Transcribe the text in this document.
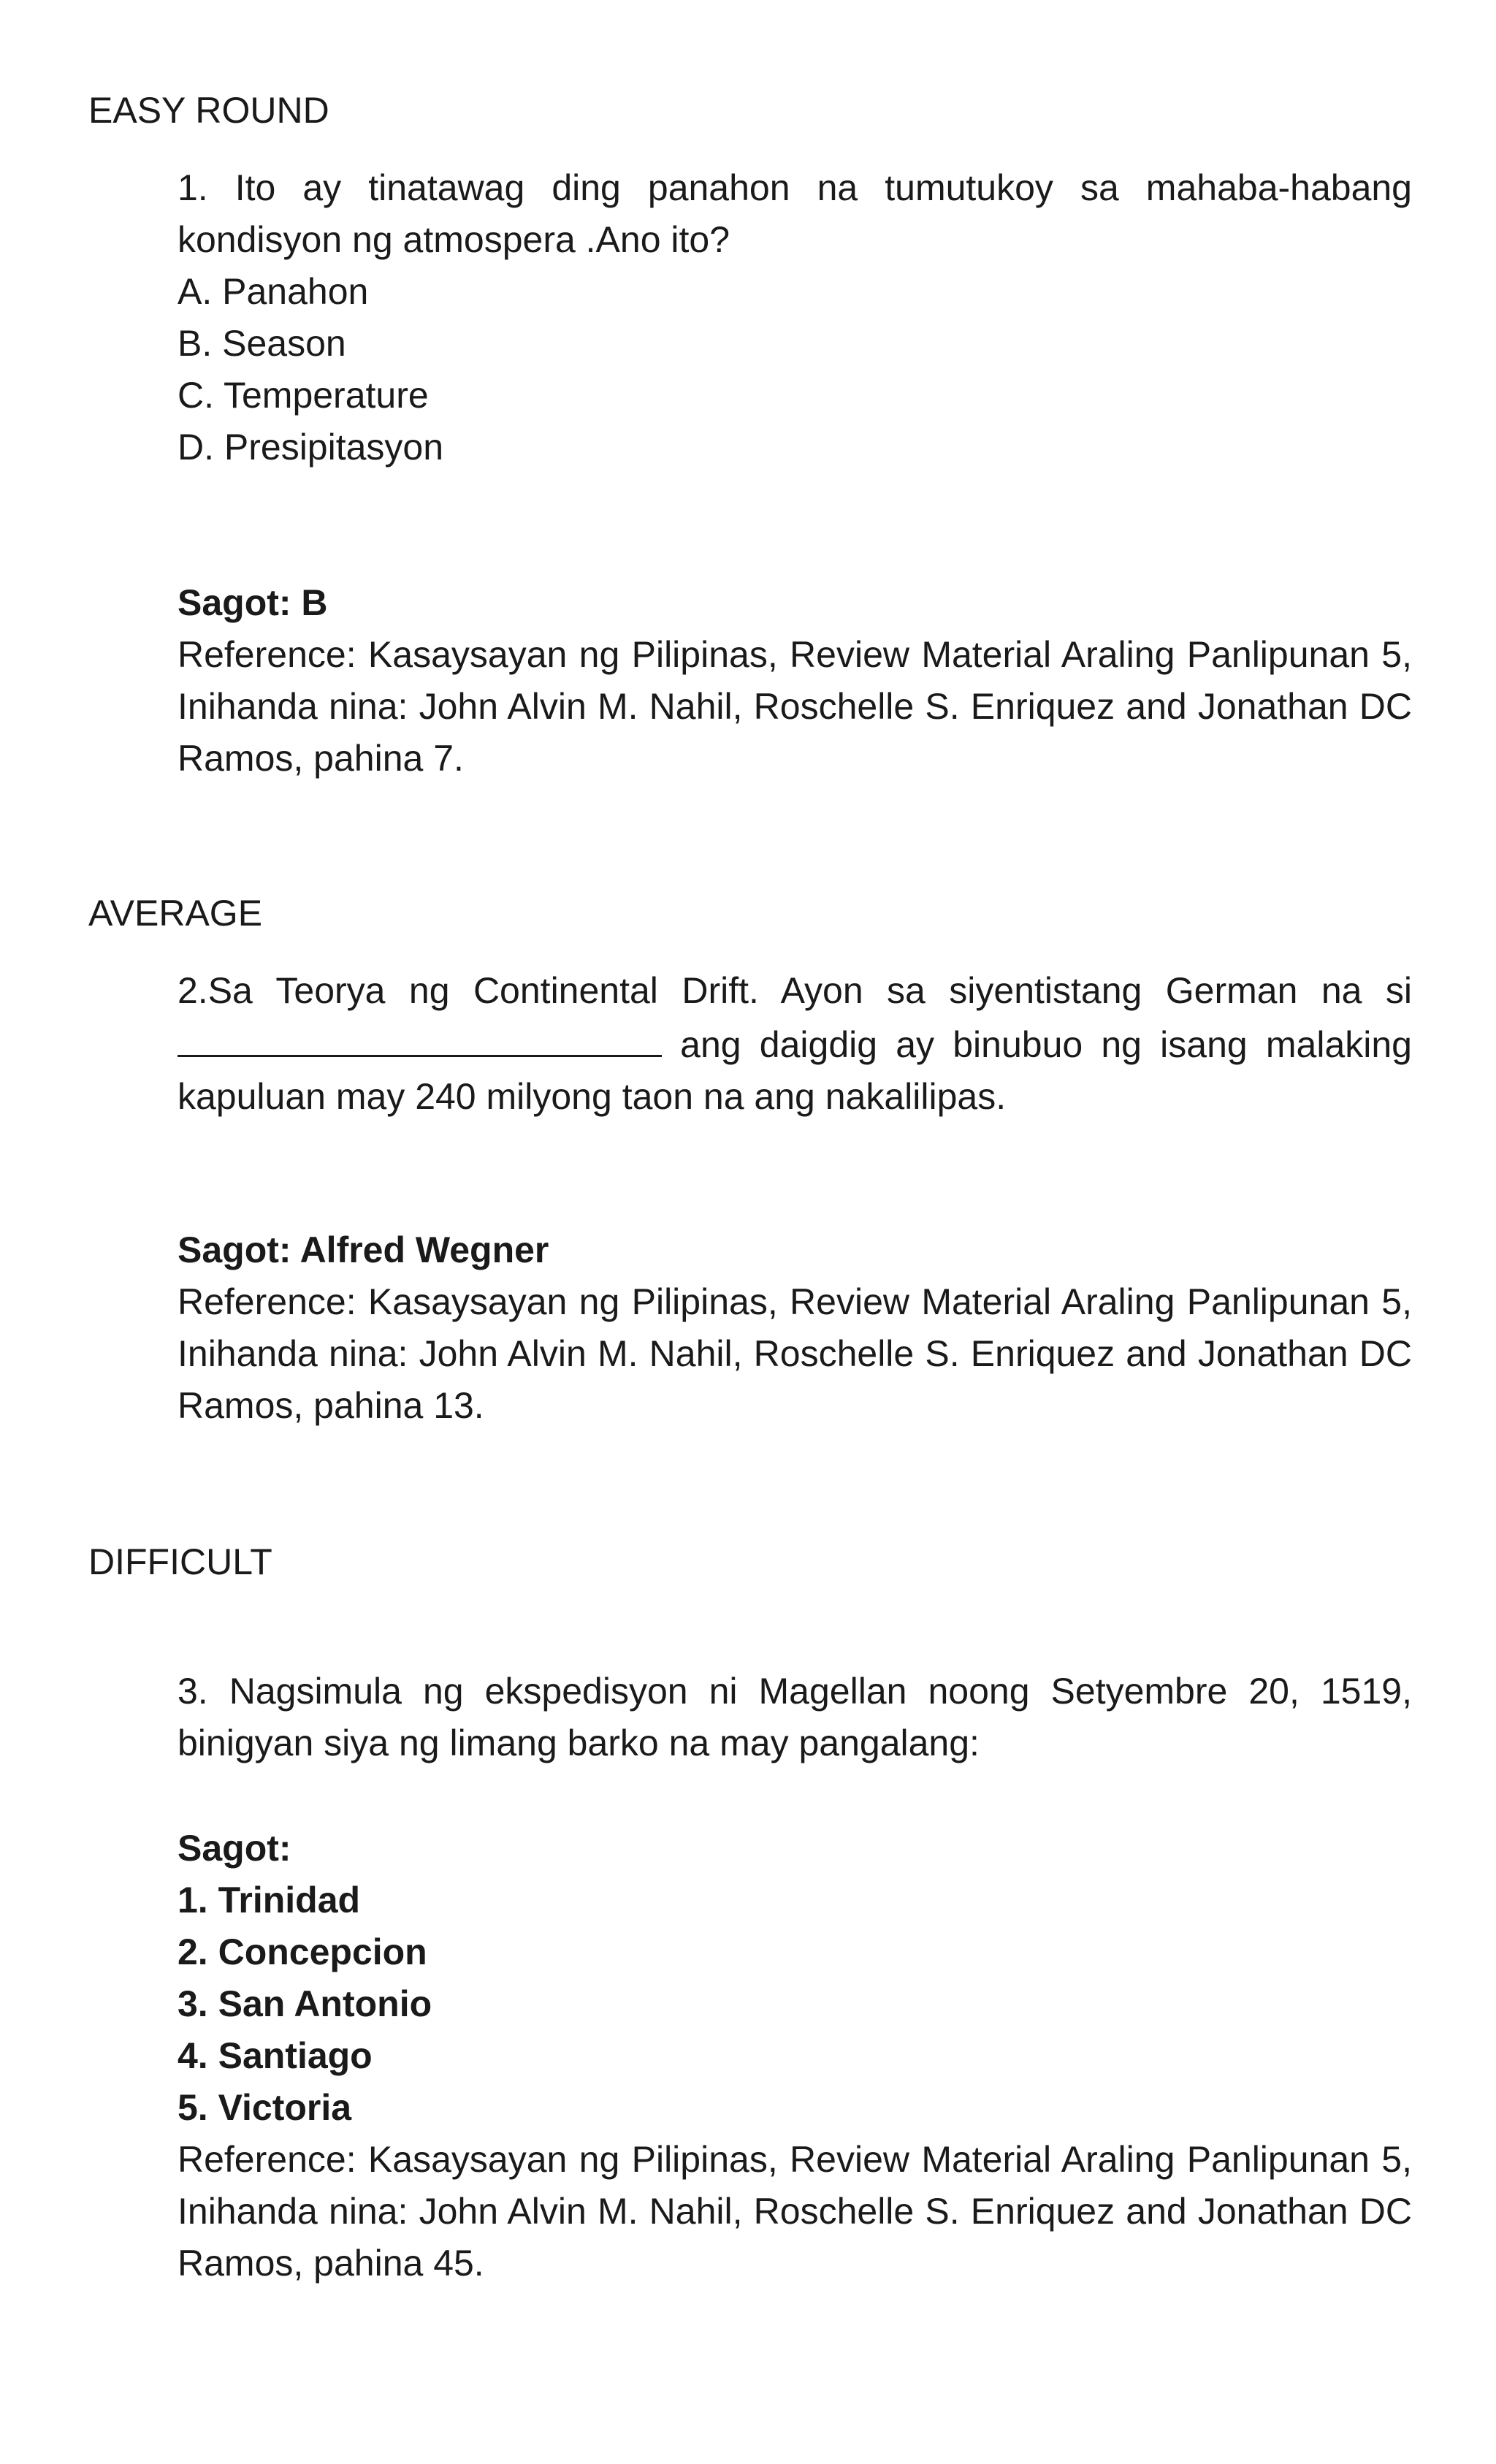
EASY ROUND

1. Ito ay tinatawag ding panahon na tumutukoy sa mahaba-habang kondisyon ng atmospera .Ano ito?

A. Panahon
B. Season
C. Temperature
D. Presipitasyon

Sagot: B

Reference: Kasaysayan ng Pilipinas, Review Material Araling Panlipunan 5, Inihanda nina: John Alvin M. Nahil, Roschelle S. Enriquez and Jonathan DC Ramos, pahina 7.

AVERAGE

2.Sa Teorya ng Continental Drift. Ayon sa siyentistang German na si  ang daigdig ay binubuo ng isang malaking kapuluan may 240 milyong taon na ang nakalilipas.

Sagot: Alfred Wegner

Reference: Kasaysayan ng Pilipinas, Review Material Araling Panlipunan 5, Inihanda nina: John Alvin M. Nahil, Roschelle S. Enriquez and Jonathan DC Ramos, pahina 13.

DIFFICULT

3. Nagsimula ng ekspedisyon ni Magellan noong Setyembre 20, 1519, binigyan siya ng limang barko na may pangalang:

Sagot:
1. Trinidad
2. Concepcion
3. San Antonio
4. Santiago
5. Victoria

Reference: Kasaysayan ng Pilipinas, Review Material Araling Panlipunan 5, Inihanda nina: John Alvin M. Nahil, Roschelle S. Enriquez and Jonathan DC Ramos, pahina 45.
